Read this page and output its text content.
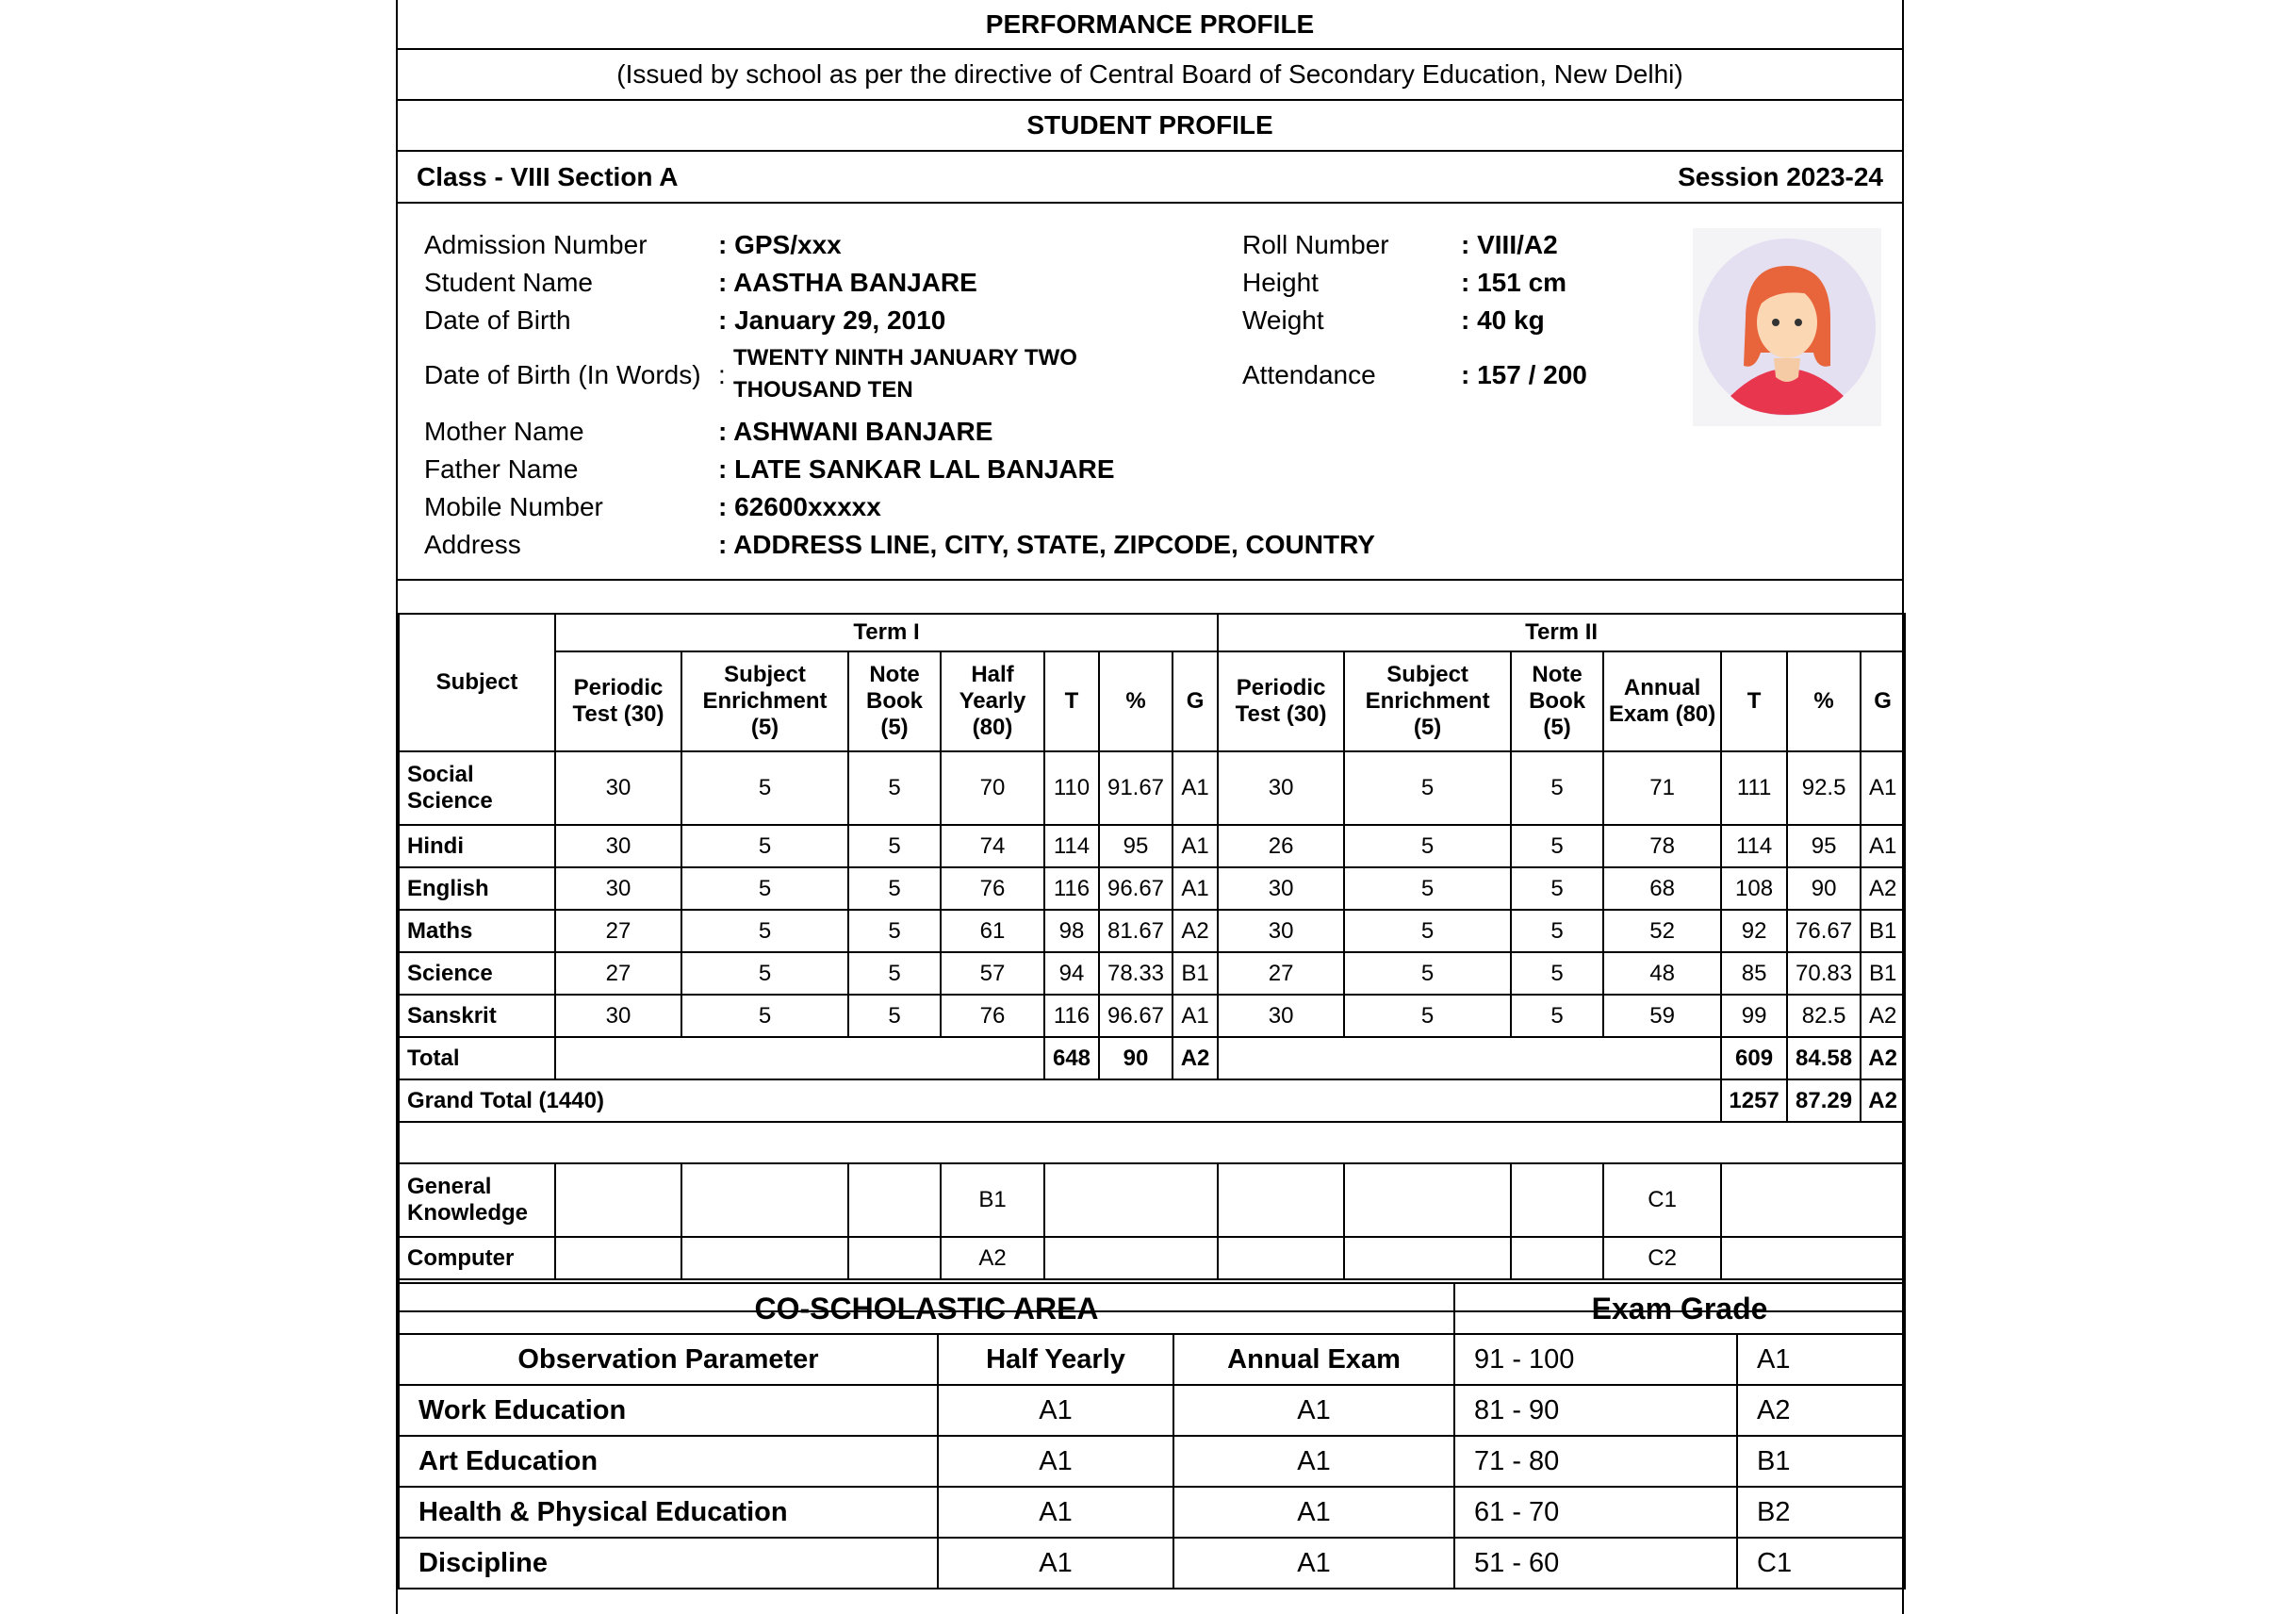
PERFORMANCE PROFILE
(Issued by school as per the directive of Central Board of Secondary Education, New Delhi)
STUDENT PROFILE
Class - VIII Section A	Session 2023-24
Admission Number	: GPS/xxx
Student Name	: AASTHA BANJARE
Date of Birth	: January 29, 2010
Date of Birth (In Words) :
TWENTY NINTH JANUARY TWO
THOUSAND TEN
Mother Name	: ASHWANI BANJARE
Father Name	: LATE SANKAR LAL BANJARE
Mobile Number	: 62600xxxxx
Address	: ADDRESS LINE, CITY, STATE, ZIPCODE, COUNTRY
Roll Number	: VIII/A2
Height	: 151 cm
Weight	: 40 kg
Attendance	: 157 / 200
Subject	Term I							Term II						
	Periodic Test (30)	Subject Enrichment (5)	Note Book (5)	Half Yearly (80)	T	%	G	Periodic Test (30)	Subject Enrichment (5)	Note Book (5)	Annual Exam (80)	T	%	G
Social Science	30	5	5	70	110	91.67	A1	30	5	5	71	111	92.5	A1
Hindi	30	5	5	74	114	95	A1	26	5	5	78	114	95	A1
English	30	5	5	76	116	96.67	A1	30	5	5	68	108	90	A2
Maths	27	5	5	61	98	81.67	A2	30	5	5	52	92	76.67	B1
Science	27	5	5	57	94	78.33	B1	27	5	5	48	85	70.83	B1
Sanskrit	30	5	5	76	116	96.67	A1	30	5	5	59	99	82.5	A2
Total					648	90	A2					609	84.58	A2
Grand Total (1440)												1257	87.29	A2

General Knowledge				B1							C1			
Computer				A2							C2			

CO-SCHOLASTIC AREA			Exam Grade	
Observation Parameter	Half Yearly	Annual Exam	91 - 100	A1
Work Education	A1	A1	81 - 90	A2
Art Education	A1	A1	71 - 80	B1
Health & Physical Education	A1	A1	61 - 70	B2
Discipline	A1	A1	51 - 60	C1
